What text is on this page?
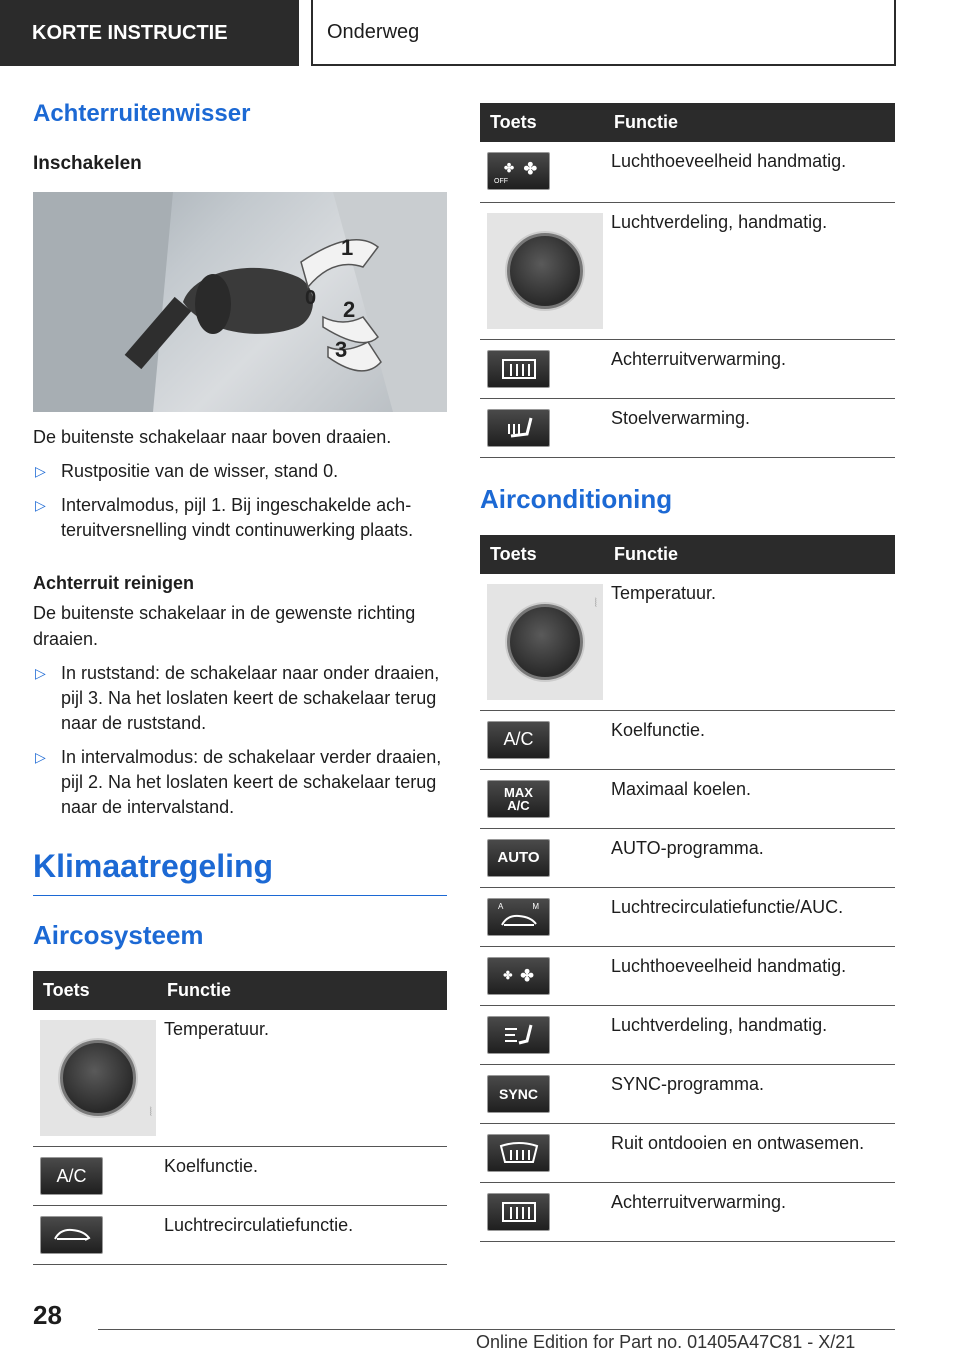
KORTE INSTRUCTIE	Onderweg
Achterruitenwisser
Inschakelen
1
0 2
3

De buitenste schakelaar naar boven draaien.

▷ Rustpositie van de wisser, stand 0.
▷ Intervalmodus, pijl 1. Bij ingeschakelde achteruitversnelling vindt continuwerking plaats.
Achterruit reinigen

De buitenste schakelaar in de gewenste richting draaien.

▷ In ruststand: de schakelaar naar onder draaien, pijl 3. Na het loslaten keert de schakelaar terug naar de ruststand.
▷ In intervalmodus: de schakelaar verder draaien, pijl 2. Na het loslaten keert de schakelaar terug naar de intervalstand.
Klimaatregeling
Aircosysteem
Toets	Functie

⦚	Temperatuur.

A/C	Koelfunctie.

	Luchtrecirculatiefunctie.
Toets	Functie

OFF
✤ ✤	Luchthoeveelheid handmatig.

	Luchtverdeling, handmatig.

	Achterruitverwarming.

	Stoelverwarming.
Airconditioning
Toets	Functie

⦚	Temperatuur.

A/C	Koelfunctie.

MAX A/C	Maximaal koelen.

AUTO	AUTO-programma.

A M	Luchtrecirculatiefunctie/AUC.

✤ ✤	Luchthoeveelheid handmatig.

	Luchtverdeling, handmatig.

SYNC	SYNC-programma.

	Ruit ontdooien en ontwasemen.

	Achterruitverwarming.
28
Online Edition for Part no. 01405A47C81 - X/21
